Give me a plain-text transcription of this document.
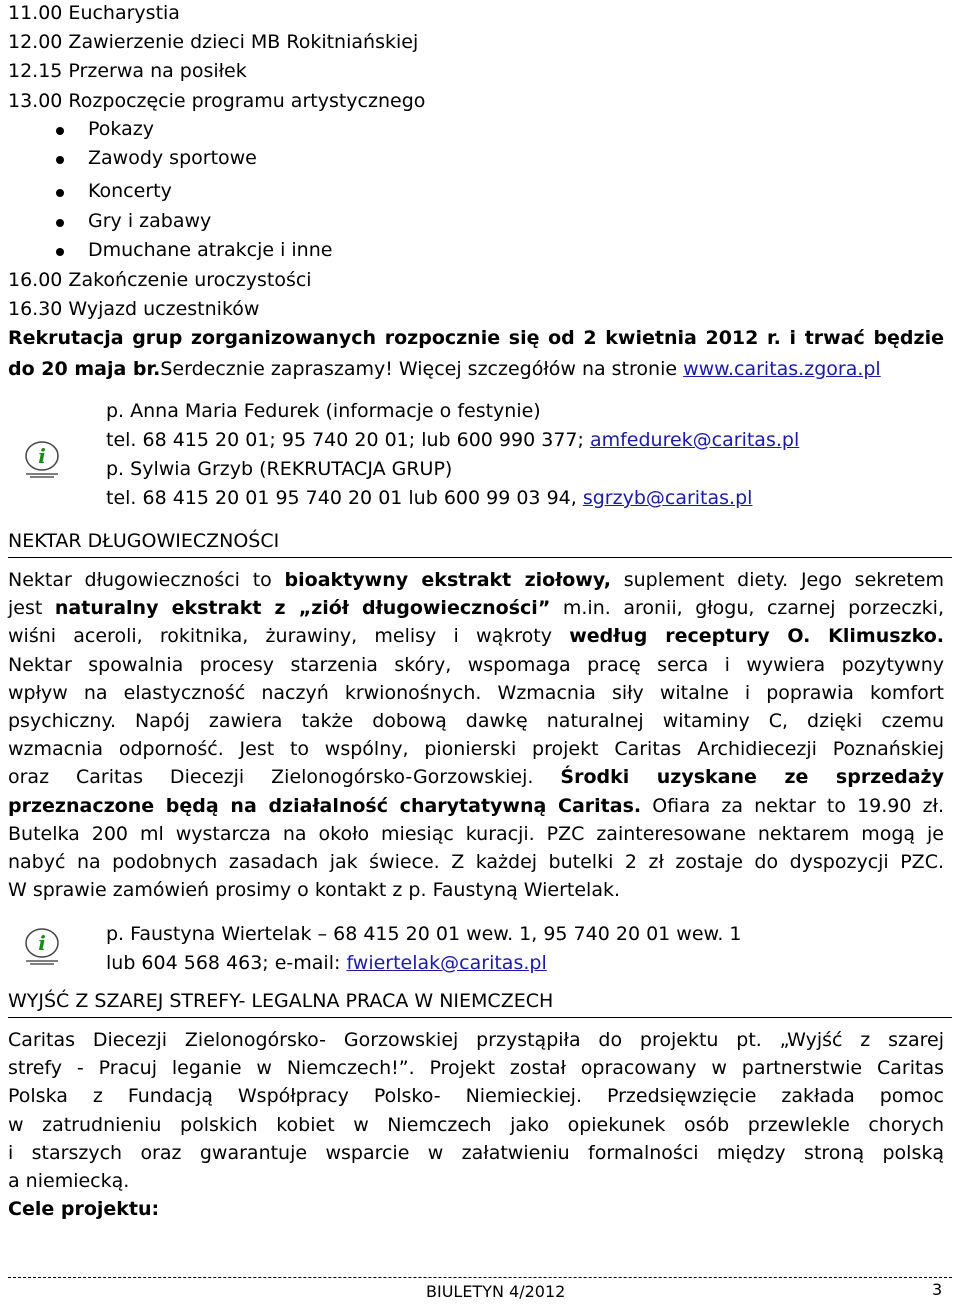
11.00 Eucharystia
12.00 Zawierzenie dzieci MB Rokitniańskiej
12.15 Przerwa na posiłek
13.00 Rozpoczęcie programu artystycznego
Pokazy
Zawody sportowe
Koncerty
Gry i zabawy
Dmuchane atrakcje i inne
16.00 Zakończenie uroczystości
16.30 Wyjazd uczestników
Rekrutacja grup zorganizowanych rozpocznie się od 2 kwietnia 2012 r. i trwać będzie
do 20 maja br.Serdecznie zapraszamy! Więcej szczegółów na stronie www.caritas.zgora.pl
i
p. Anna Maria Fedurek (informacje o festynie)
tel. 68 415 20 01; 95 740 20 01; lub 600 990 377; amfedurek@caritas.pl
p. Sylwia Grzyb (REKRUTACJA GRUP)
tel. 68 415 20 01 95 740 20 01 lub 600 99 03 94, sgrzyb@caritas.pl
NEKTAR DŁUGOWIECZNOŚCI
Nektar długowieczności to bioaktywny ekstrakt ziołowy, suplement diety. Jego sekretem
jest naturalny ekstrakt z „ziół długowieczności” m.in. aronii, głogu, czarnej porzeczki,
wiśni aceroli, rokitnika, żurawiny, melisy i wąkroty według receptury O. Klimuszko.
Nektar spowalnia procesy starzenia skóry, wspomaga pracę serca i wywiera pozytywny
wpływ na elastyczność naczyń krwionośnych. Wzmacnia siły witalne i poprawia komfort
psychiczny. Napój zawiera także dobową dawkę naturalnej witaminy C, dzięki czemu
wzmacnia odporność. Jest to wspólny, pionierski projekt Caritas Archidiecezji Poznańskiej
oraz Caritas Diecezji Zielonogórsko-Gorzowskiej. Środki uzyskane ze sprzedaży
przeznaczone będą na działalność charytatywną Caritas. Ofiara za nektar to 19.90 zł.
Butelka 200 ml wystarcza na około miesiąc kuracji. PZC zainteresowane nektarem mogą je
nabyć na podobnych zasadach jak świece. Z każdej butelki 2 zł zostaje do dyspozycji PZC.
W sprawie zamówień prosimy o kontakt z p. Faustyną Wiertelak.
i	p. Faustyna Wiertelak – 68 415 20 01 wew. 1, 95 740 20 01 wew. 1
lub 604 568 463; e-mail: fwiertelak@caritas.pl
WYJŚĆ Z SZAREJ STREFY- LEGALNA PRACA W NIEMCZECH
Caritas Diecezji Zielonogórsko- Gorzowskiej przystąpiła do projektu pt. „Wyjść z szarej
strefy - Pracuj leganie w Niemczech!”. Projekt został opracowany w partnerstwie Caritas
Polska z Fundacją Współpracy Polsko- Niemieckiej. Przedsięwzięcie zakłada pomoc
w zatrudnieniu polskich kobiet w Niemczech jako opiekunek osób przewlekle chorych
i starszych oraz gwarantuje wsparcie w załatwieniu formalności między stroną polską
a niemiecką.
Cele projektu:
BIULETYN 4/2012	3
